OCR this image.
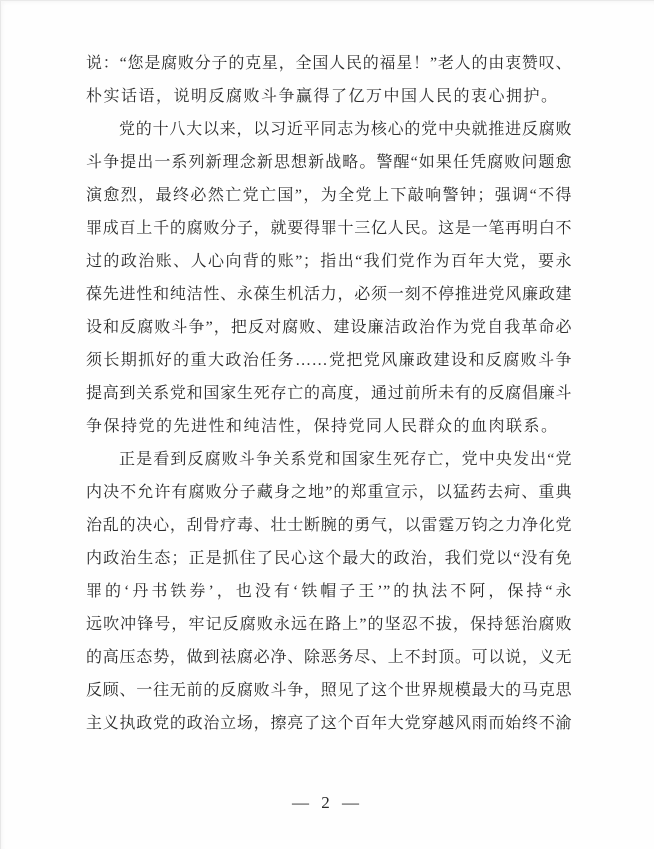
说：“您是腐败分子的克星，全国人民的福星！”老人的由衷赞叹、
朴实话语，说明反腐败斗争赢得了亿万中国人民的衷心拥护。
党的十八大以来，以习近平同志为核心的党中央就推进反腐败
斗争提出一系列新理念新思想新战略。警醒“如果任凭腐败问题愈
演愈烈，最终必然亡党亡国”，为全党上下敲响警钟；强调“不得
罪成百上千的腐败分子，就要得罪十三亿人民。这是一笔再明白不
过的政治账、人心向背的账”；指出“我们党作为百年大党，要永
葆先进性和纯洁性、永葆生机活力，必须一刻不停推进党风廉政建
设和反腐败斗争”，把反对腐败、建设廉洁政治作为党自我革命必
须长期抓好的重大政治任务……党把党风廉政建设和反腐败斗争
提高到关系党和国家生死存亡的高度，通过前所未有的反腐倡廉斗
争保持党的先进性和纯洁性，保持党同人民群众的血肉联系。
正是看到反腐败斗争关系党和国家生死存亡，党中央发出“党
内决不允许有腐败分子藏身之地”的郑重宣示，以猛药去疴、重典
治乱的决心，刮骨疗毒、壮士断腕的勇气，以雷霆万钧之力净化党
内政治生态；正是抓住了民心这个最大的政治，我们党以“没有免
罪的‘丹书铁券’，也没有‘铁帽子王’”的执法不阿，保持“永
远吹冲锋号，牢记反腐败永远在路上”的坚忍不拔，保持惩治腐败
的高压态势，做到祛腐必净、除恶务尽、上不封顶。可以说，义无
反顾、一往无前的反腐败斗争，照见了这个世界规模最大的马克思
主义执政党的政治立场，擦亮了这个百年大党穿越风雨而始终不渝
— 2 —
